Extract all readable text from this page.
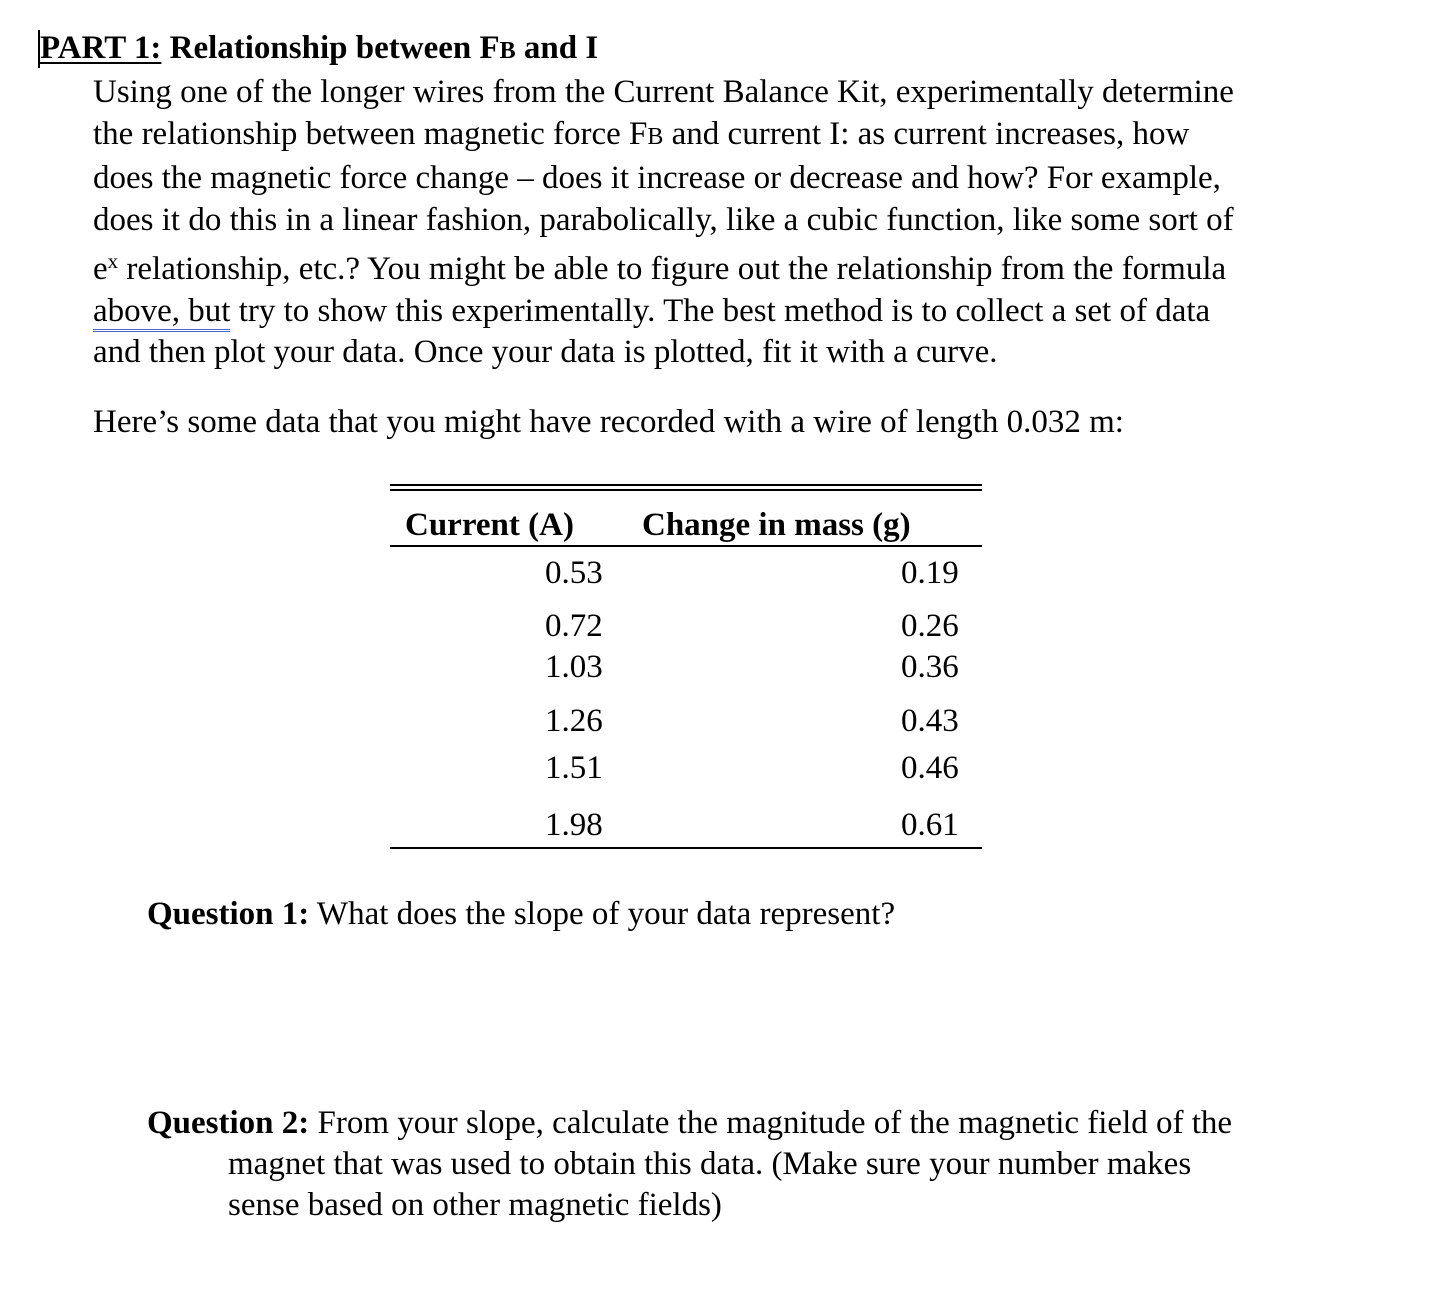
PART 1: Relationship between FB and I
Using one of the longer wires from the Current Balance Kit, experimentally determine
the relationship between magnetic force FB and current I: as current increases, how
does the magnetic force change – does it increase or decrease and how? For example,
does it do this in a linear fashion, parabolically, like a cubic function, like some sort of
$e^x$ relationship, etc.? You might be able to figure out the relationship from the formula
above, but try to show this experimentally. The best method is to collect a set of data
and then plot your data. Once your data is plotted, fit it with a curve.
Here’s some data that you might have recorded with a wire of length 0.032 m:
Current (A) Change in mass (g)
0.53	0.19
0.72	0.26
1.03	0.36
1.26	0.43
1.51	0.46
1.98	0.61
Question 1: What does the slope of your data represent?
Question 2: From your slope, calculate the magnitude of the magnetic field of the
magnet that was used to obtain this data. (Make sure your number makes
sense based on other magnetic fields)
